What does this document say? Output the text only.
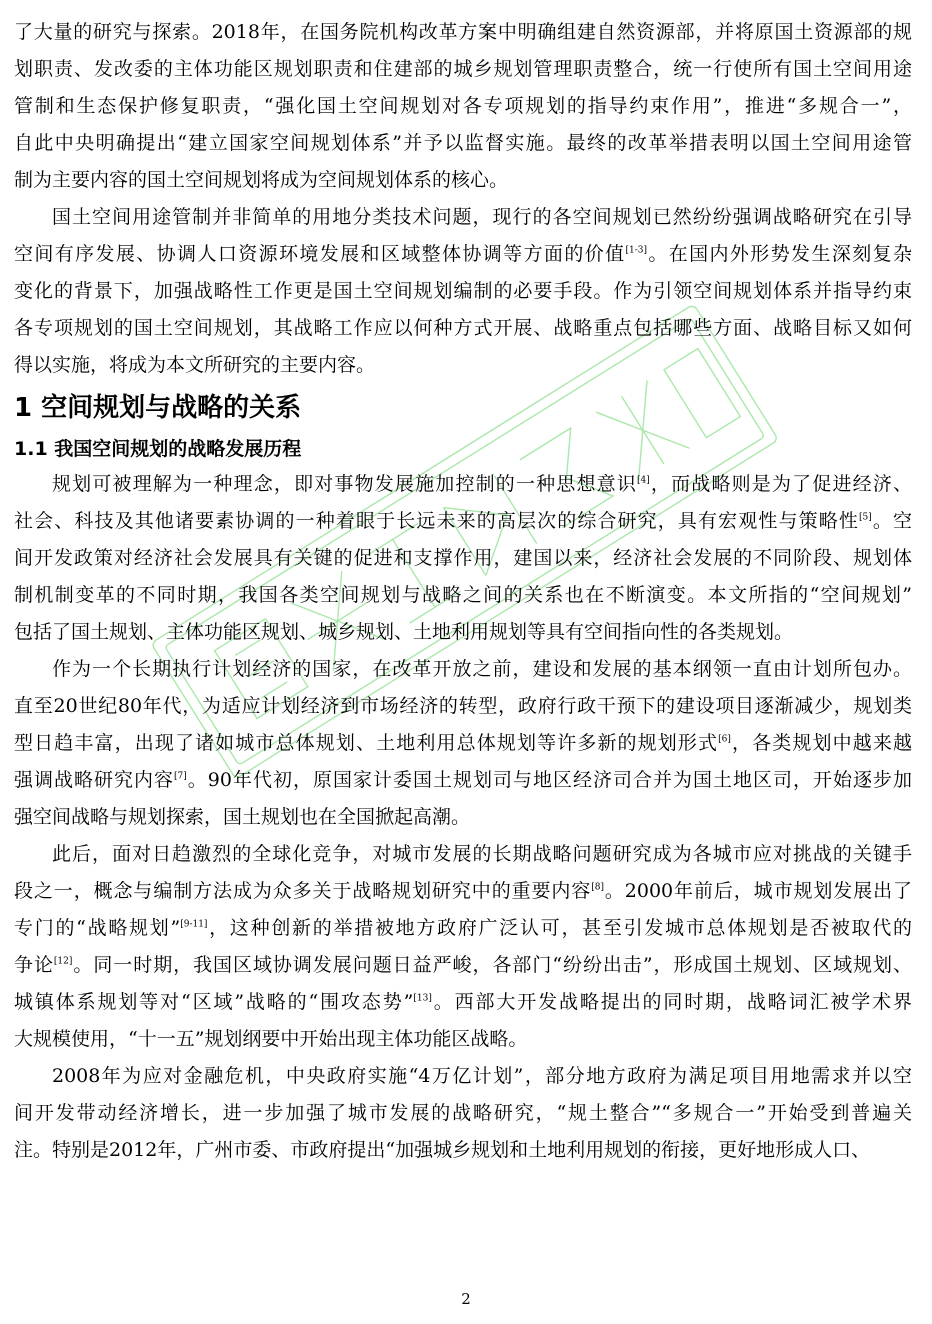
了大量的研究与探索。2018年，在国务院机构改革方案中明确组建自然资源部，并将原国土资源部的规
划职责、发改委的主体功能区规划职责和住建部的城乡规划管理职责整合，统一行使所有国土空间用途
管制和生态保护修复职责，“强化国土空间规划对各专项规划的指导约束作用”，推进“多规合一”，
自此中央明确提出“建立国家空间规划体系”并予以监督实施。最终的改革举措表明以国土空间用途管
制为主要内容的国土空间规划将成为空间规划体系的核心。
国土空间用途管制并非简单的用地分类技术问题，现行的各空间规划已然纷纷强调战略研究在引导
空间有序发展、协调人口资源环境发展和区域整体协调等方面的价值[1-3]。在国内外形势发生深刻复杂
变化的背景下，加强战略性工作更是国土空间规划编制的必要手段。作为引领空间规划体系并指导约束
各专项规划的国土空间规划，其战略工作应以何种方式开展、战略重点包括哪些方面、战略目标又如何
得以实施，将成为本文所研究的主要内容。
1 空间规划与战略的关系
1.1 我国空间规划的战略发展历程
规划可被理解为一种理念，即对事物发展施加控制的一种思想意识[4]，而战略则是为了促进经济、
社会、科技及其他诸要素协调的一种着眼于长远未来的高层次的综合研究，具有宏观性与策略性[5]。空
间开发政策对经济社会发展具有关键的促进和支撑作用，建国以来，经济社会发展的不同阶段、规划体
制机制变革的不同时期，我国各类空间规划与战略之间的关系也在不断演变。本文所指的“空间规划”
包括了国土规划、主体功能区规划、城乡规划、土地利用规划等具有空间指向性的各类规划。
作为一个长期执行计划经济的国家，在改革开放之前，建设和发展的基本纲领一直由计划所包办。
直至20世纪80年代，为适应计划经济到市场经济的转型，政府行政干预下的建设项目逐渐减少，规划类
型日趋丰富，出现了诸如城市总体规划、土地利用总体规划等许多新的规划形式[6]，各类规划中越来越
强调战略研究内容[7]。90年代初，原国家计委国土规划司与地区经济司合并为国土地区司，开始逐步加
强空间战略与规划探索，国土规划也在全国掀起高潮。
此后，面对日趋激烈的全球化竞争，对城市发展的长期战略问题研究成为各城市应对挑战的关键手
段之一，概念与编制方法成为众多关于战略规划研究中的重要内容[8]。2000年前后，城市规划发展出了
专门的“战略规划”[9-11]，这种创新的举措被地方政府广泛认可，甚至引发城市总体规划是否被取代的
争论[12]。同一时期，我国区域协调发展问题日益严峻，各部门“纷纷出击”，形成国土规划、区域规划、
城镇体系规划等对“区域”战略的“围攻态势”[13]。西部大开发战略提出的同时期，战略词汇被学术界
大规模使用，“十一五”规划纲要中开始出现主体功能区战略。
2008年为应对金融危机，中央政府实施“4万亿计划”，部分地方政府为满足项目用地需求并以空
间开发带动经济增长，进一步加强了城市发展的战略研究，“规土整合”“多规合一”开始受到普遍关
注。特别是2012年，广州市委、市政府提出“加强城乡规划和土地利用规划的衔接，更好地形成人口、
2
